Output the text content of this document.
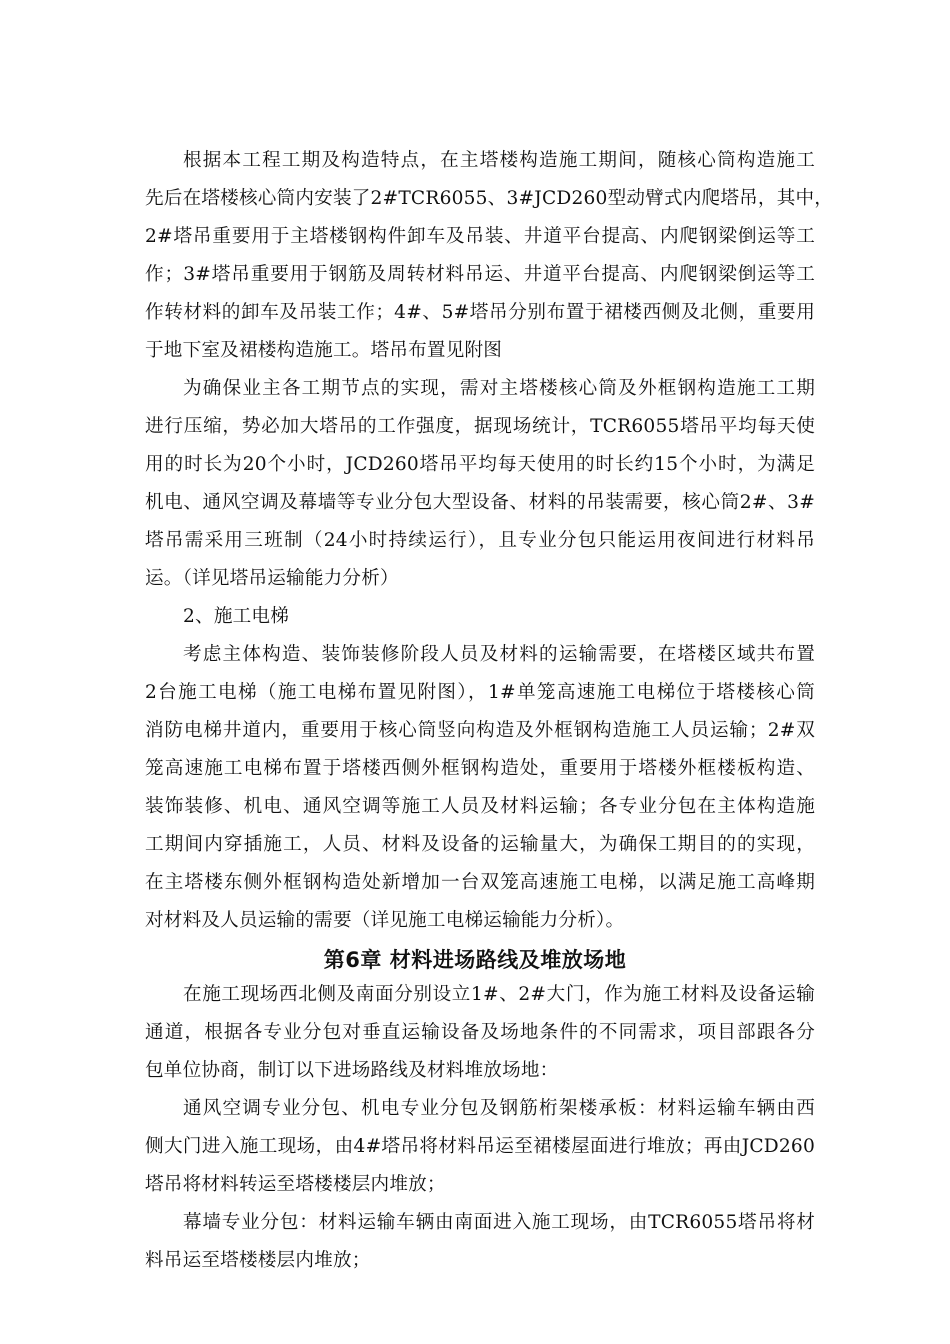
根据本工程工期及构造特点，在主塔楼构造施工期间，随核心筒构造施工
先后在塔楼核心筒内安装了2#TCR6055、3#JCD260型动臂式内爬塔吊，其中，
2#塔吊重要用于主塔楼钢构件卸车及吊装、井道平台提高、内爬钢梁倒运等工
作；3#塔吊重要用于钢筋及周转材料吊运、井道平台提高、内爬钢梁倒运等工
作转材料的卸车及吊装工作；4#、5#塔吊分别布置于裙楼西侧及北侧，重要用
于地下室及裙楼构造施工。塔吊布置见附图
为确保业主各工期节点的实现，需对主塔楼核心筒及外框钢构造施工工期
进行压缩，势必加大塔吊的工作强度，据现场统计，TCR6055塔吊平均每天使
用的时长为20个小时，JCD260塔吊平均每天使用的时长约15个小时，为满足
机电、通风空调及幕墙等专业分包大型设备、材料的吊装需要，核心筒2#、3#
塔吊需采用三班制（24小时持续运行），且专业分包只能运用夜间进行材料吊
运。（详见塔吊运输能力分析）
2、施工电梯
考虑主体构造、装饰装修阶段人员及材料的运输需要，在塔楼区域共布置
2台施工电梯（施工电梯布置见附图），1#单笼高速施工电梯位于塔楼核心筒
消防电梯井道内，重要用于核心筒竖向构造及外框钢构造施工人员运输；2#双
笼高速施工电梯布置于塔楼西侧外框钢构造处，重要用于塔楼外框楼板构造、
装饰装修、机电、通风空调等施工人员及材料运输；各专业分包在主体构造施
工期间内穿插施工，人员、材料及设备的运输量大，为确保工期目的的实现，
在主塔楼东侧外框钢构造处新增加一台双笼高速施工电梯，以满足施工高峰期
对材料及人员运输的需要（详见施工电梯运输能力分析）。
第6章 材料进场路线及堆放场地
在施工现场西北侧及南面分别设立1#、2#大门，作为施工材料及设备运输
通道，根据各专业分包对垂直运输设备及场地条件的不同需求，项目部跟各分
包单位协商，制订以下进场路线及材料堆放场地：
通风空调专业分包、机电专业分包及钢筋桁架楼承板：材料运输车辆由西
侧大门进入施工现场，由4#塔吊将材料吊运至裙楼屋面进行堆放；再由JCD260
塔吊将材料转运至塔楼楼层内堆放；
幕墙专业分包：材料运输车辆由南面进入施工现场，由TCR6055塔吊将材
料吊运至塔楼楼层内堆放；
